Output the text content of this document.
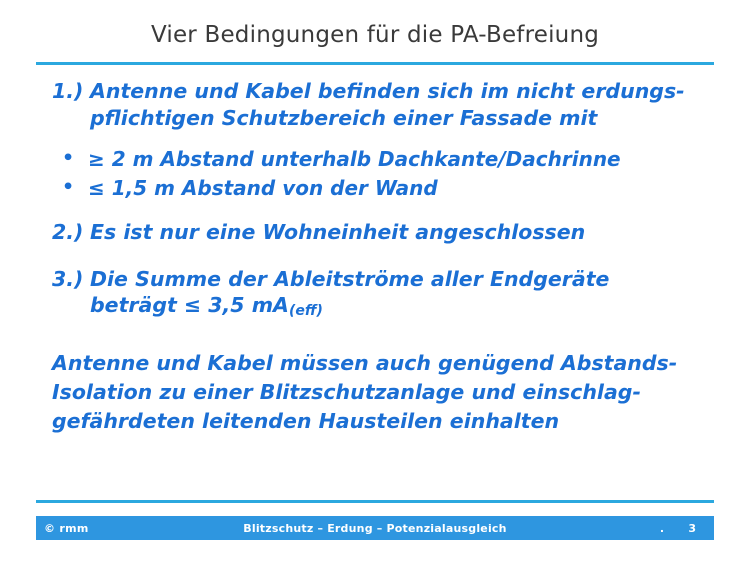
Vier Bedingungen für die PA-Befreiung
1.) Antenne und Kabel befinden sich im nicht erdungs-
pflichtigen Schutzbereich einer Fassade mit
• ≥ 2 m Abstand unterhalb Dachkante/Dachrinne
• ≤ 1,5 m Abstand von der Wand
2.) Es ist nur eine Wohneinheit angeschlossen
3.) Die Summe der Ableitströme aller Endgeräte
beträgt ≤ 3,5 mA(eff)
Antenne und Kabel müssen auch genügend Abstands-
Isolation zu einer Blitzschutzanlage und einschlag-
gefährdeten leitenden Hausteilen einhalten
© rmm	Blitzschutz – Erdung – Potenzialausgleich	. 3
